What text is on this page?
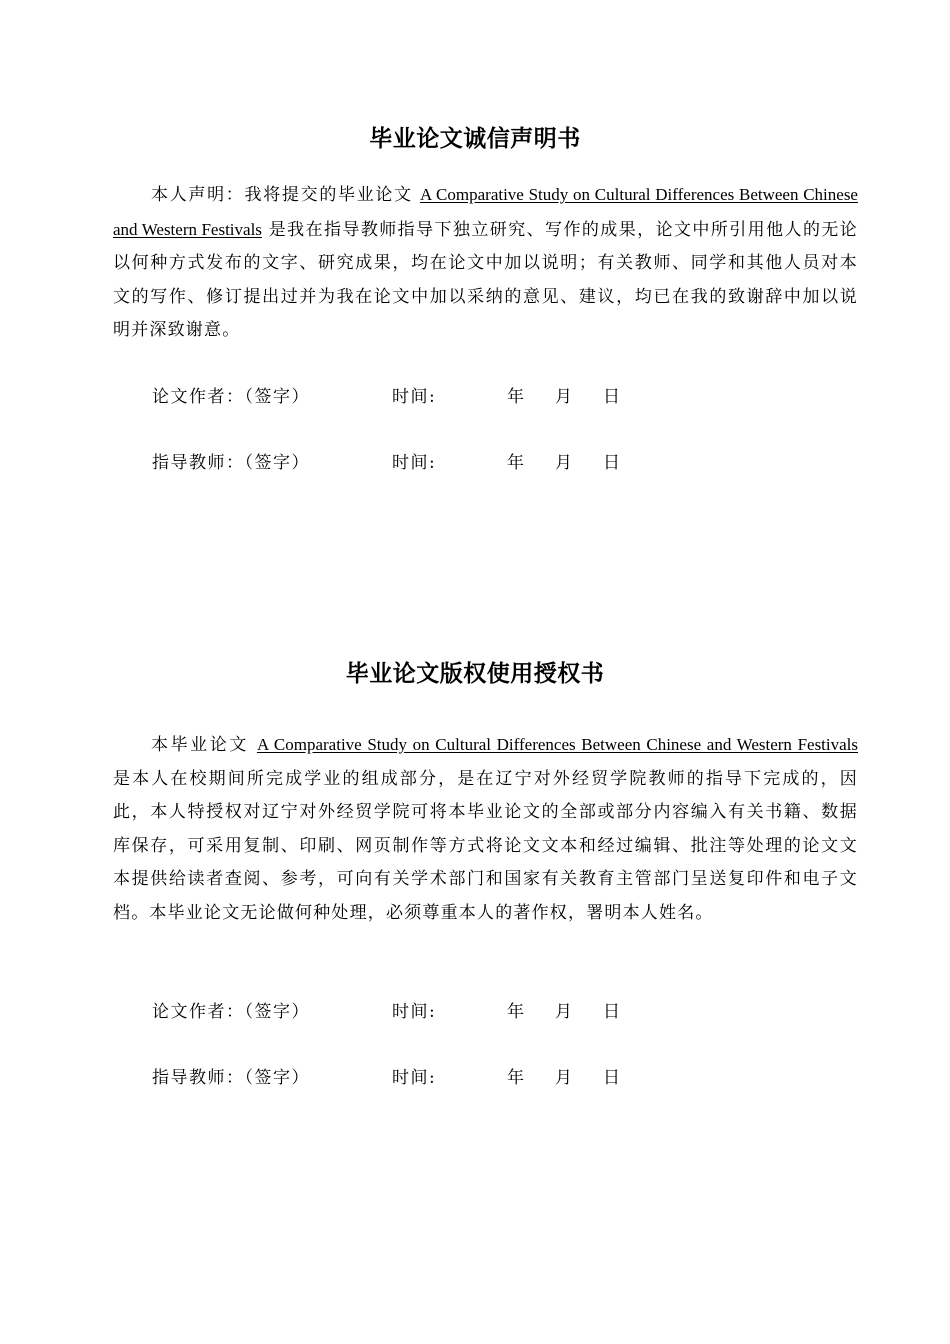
毕业论文诚信声明书
本人声明：我将提交的毕业论文 A Comparative Study on Cultural Differences Between Chinese and Western Festivals 是我在指导教师指导下独立研究、写作的成果，论文中所引用他人的无论以何种方式发布的文字、研究成果，均在论文中加以说明；有关教师、同学和其他人员对本文的写作、修订提出过并为我在论文中加以采纳的意见、建议，均已在我的致谢辞中加以说明并深致谢意。
论文作者：（签字）	时间:	年 月 日
指导教师：（签字）	时间:	年 月 日
毕业论文版权使用授权书
本毕业论文 A Comparative Study on Cultural Differences Between Chinese and Western Festivals 是本人在校期间所完成学业的组成部分，是在辽宁对外经贸学院教师的指导下完成的，因此，本人特授权对辽宁对外经贸学院可将本毕业论文的全部或部分内容编入有关书籍、数据库保存，可采用复制、印刷、网页制作等方式将论文文本和经过编辑、批注等处理的论文文本提供给读者查阅、参考，可向有关学术部门和国家有关教育主管部门呈送复印件和电子文档。本毕业论文无论做何种处理，必须尊重本人的著作权，署明本人姓名。
论文作者：（签字）	时间:	年 月 日
指导教师：（签字）	时间:	年 月 日
